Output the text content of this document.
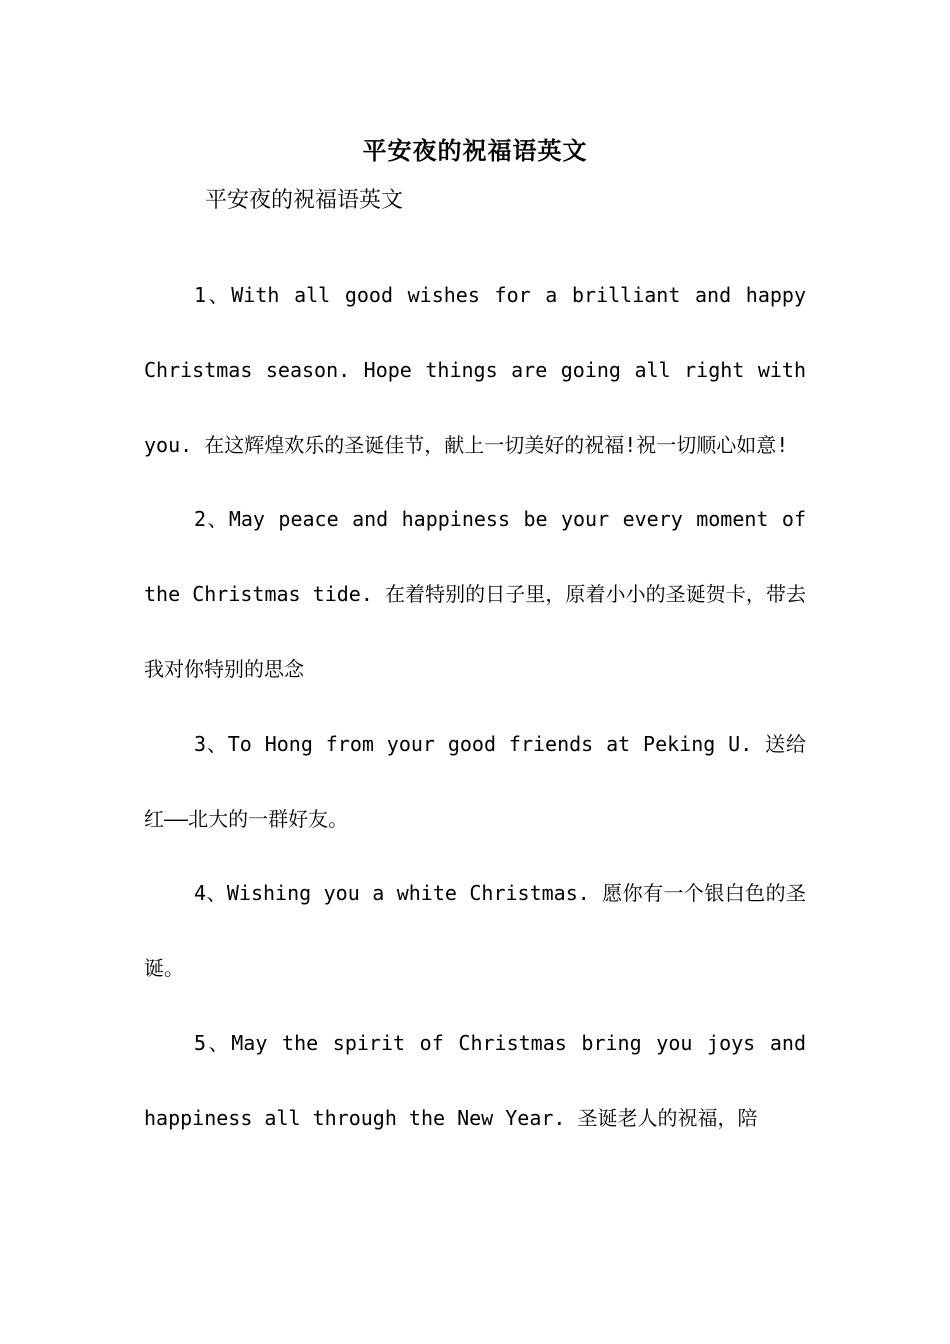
平安夜的祝福语英文
平安夜的祝福语英文

1、With all good wishes for a brilliant and happy Christmas season. Hope things are going all right with you. 在这辉煌欢乐的圣诞佳节，献上一切美好的祝福!祝一切顺心如意!

2、May peace and happiness be your every moment of the Christmas tide. 在着特别的日子里，原着小小的圣诞贺卡，带去我对你特别的思念

3、To Hong from your good friends at Peking U. 送给红——北大的一群好友。

4、Wishing you a white Christmas. 愿你有一个银白色的圣诞。

5、May the spirit of Christmas bring you joys and happiness all through the New Year. 圣诞老人的祝福，陪
